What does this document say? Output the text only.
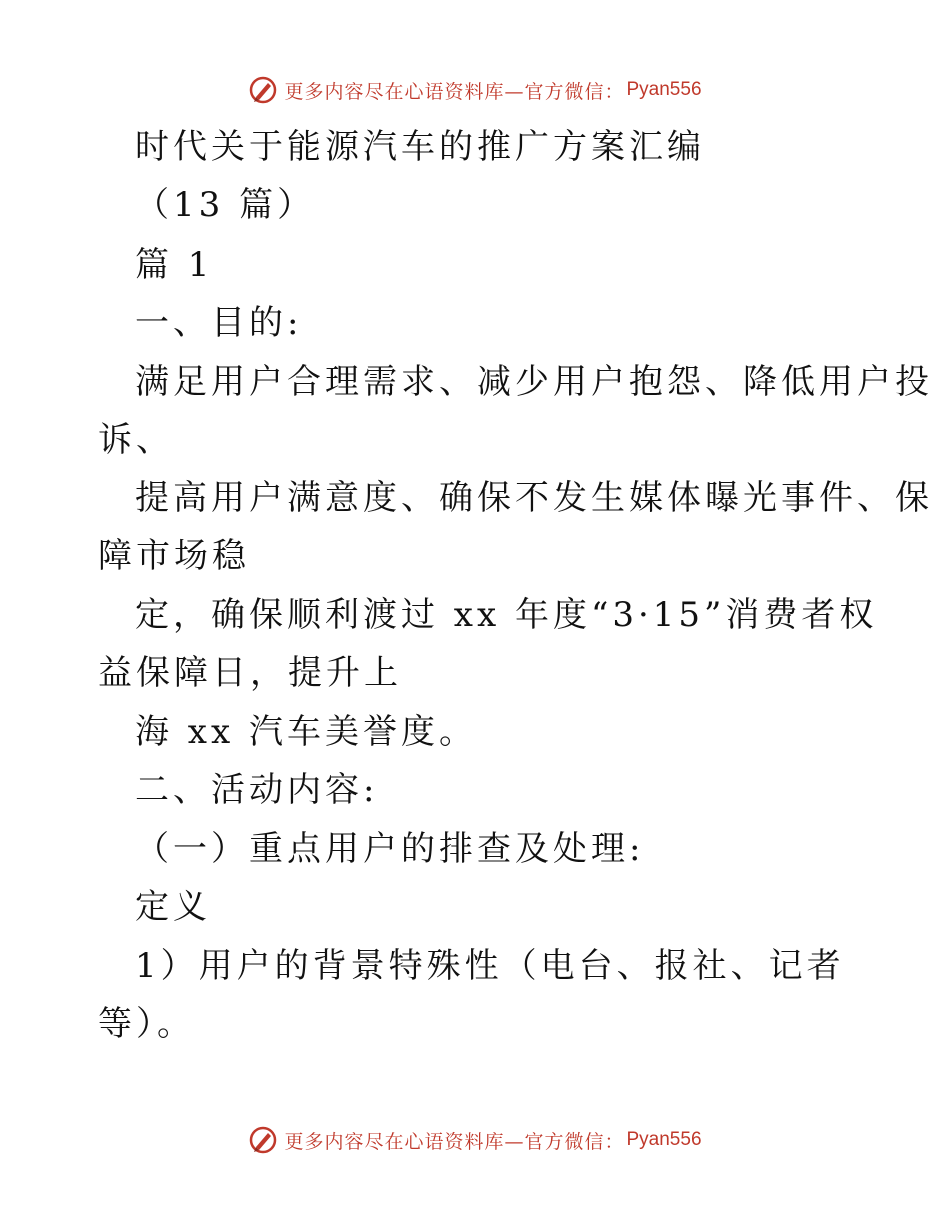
更多内容尽在心语资料库—官方微信： Pyan556
时代关于能源汽车的推广方案汇编
（13 篇）
篇 1
一、目的:
满足用户合理需求、减少用户抱怨、降低用户投
诉、
提高用户满意度、确保不发生媒体曝光事件、保
障市场稳
定，确保顺利渡过 xx 年度“3·15”消费者权
益保障日，提升上
海 xx 汽车美誉度。
二、活动内容:
（一）重点用户的排查及处理:
定义
1）用户的背景特殊性（电台、报社、记者
等）。
更多内容尽在心语资料库—官方微信： Pyan556
